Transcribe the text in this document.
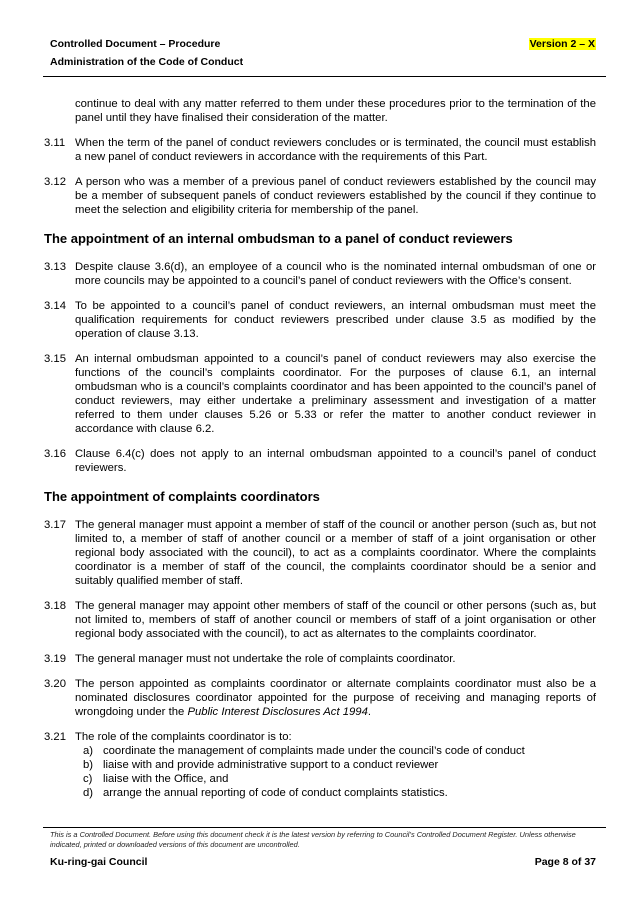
Controlled Document – Procedure	Version 2 – X
Administration of the Code of Conduct
continue to deal with any matter referred to them under these procedures prior to the termination of the panel until they have finalised their consideration of the matter.
3.11 When the term of the panel of conduct reviewers concludes or is terminated, the council must establish a new panel of conduct reviewers in accordance with the requirements of this Part.
3.12 A person who was a member of a previous panel of conduct reviewers established by the council may be a member of subsequent panels of conduct reviewers established by the council if they continue to meet the selection and eligibility criteria for membership of the panel.
The appointment of an internal ombudsman to a panel of conduct reviewers
3.13 Despite clause 3.6(d), an employee of a council who is the nominated internal ombudsman of one or more councils may be appointed to a council’s panel of conduct reviewers with the Office’s consent.
3.14 To be appointed to a council’s panel of conduct reviewers, an internal ombudsman must meet the qualification requirements for conduct reviewers prescribed under clause 3.5 as modified by the operation of clause 3.13.
3.15 An internal ombudsman appointed to a council’s panel of conduct reviewers may also exercise the functions of the council’s complaints coordinator. For the purposes of clause 6.1, an internal ombudsman who is a council’s complaints coordinator and has been appointed to the council’s panel of conduct reviewers, may either undertake a preliminary assessment and investigation of a matter referred to them under clauses 5.26 or 5.33 or refer the matter to another conduct reviewer in accordance with clause 6.2.
3.16 Clause 6.4(c) does not apply to an internal ombudsman appointed to a council’s panel of conduct reviewers.
The appointment of complaints coordinators
3.17 The general manager must appoint a member of staff of the council or another person (such as, but not limited to, a member of staff of another council or a member of staff of a joint organisation or other regional body associated with the council), to act as a complaints coordinator. Where the complaints coordinator is a member of staff of the council, the complaints coordinator should be a senior and suitably qualified member of staff.
3.18 The general manager may appoint other members of staff of the council or other persons (such as, but not limited to, members of staff of another council or members of staff of a joint organisation or other regional body associated with the council), to act as alternates to the complaints coordinator.
3.19 The general manager must not undertake the role of complaints coordinator.
3.20 The person appointed as complaints coordinator or alternate complaints coordinator must also be a nominated disclosures coordinator appointed for the purpose of receiving and managing reports of wrongdoing under the Public Interest Disclosures Act 1994.
3.21 The role of the complaints coordinator is to:
a) coordinate the management of complaints made under the council’s code of conduct
b) liaise with and provide administrative support to a conduct reviewer
c) liaise with the Office, and
d) arrange the annual reporting of code of conduct complaints statistics.
This is a Controlled Document. Before using this document check it is the latest version by referring to Council’s Controlled Document Register. Unless otherwise indicated, printed or downloaded versions of this document are uncontrolled.
Ku-ring-gai Council	Page 8 of 37
